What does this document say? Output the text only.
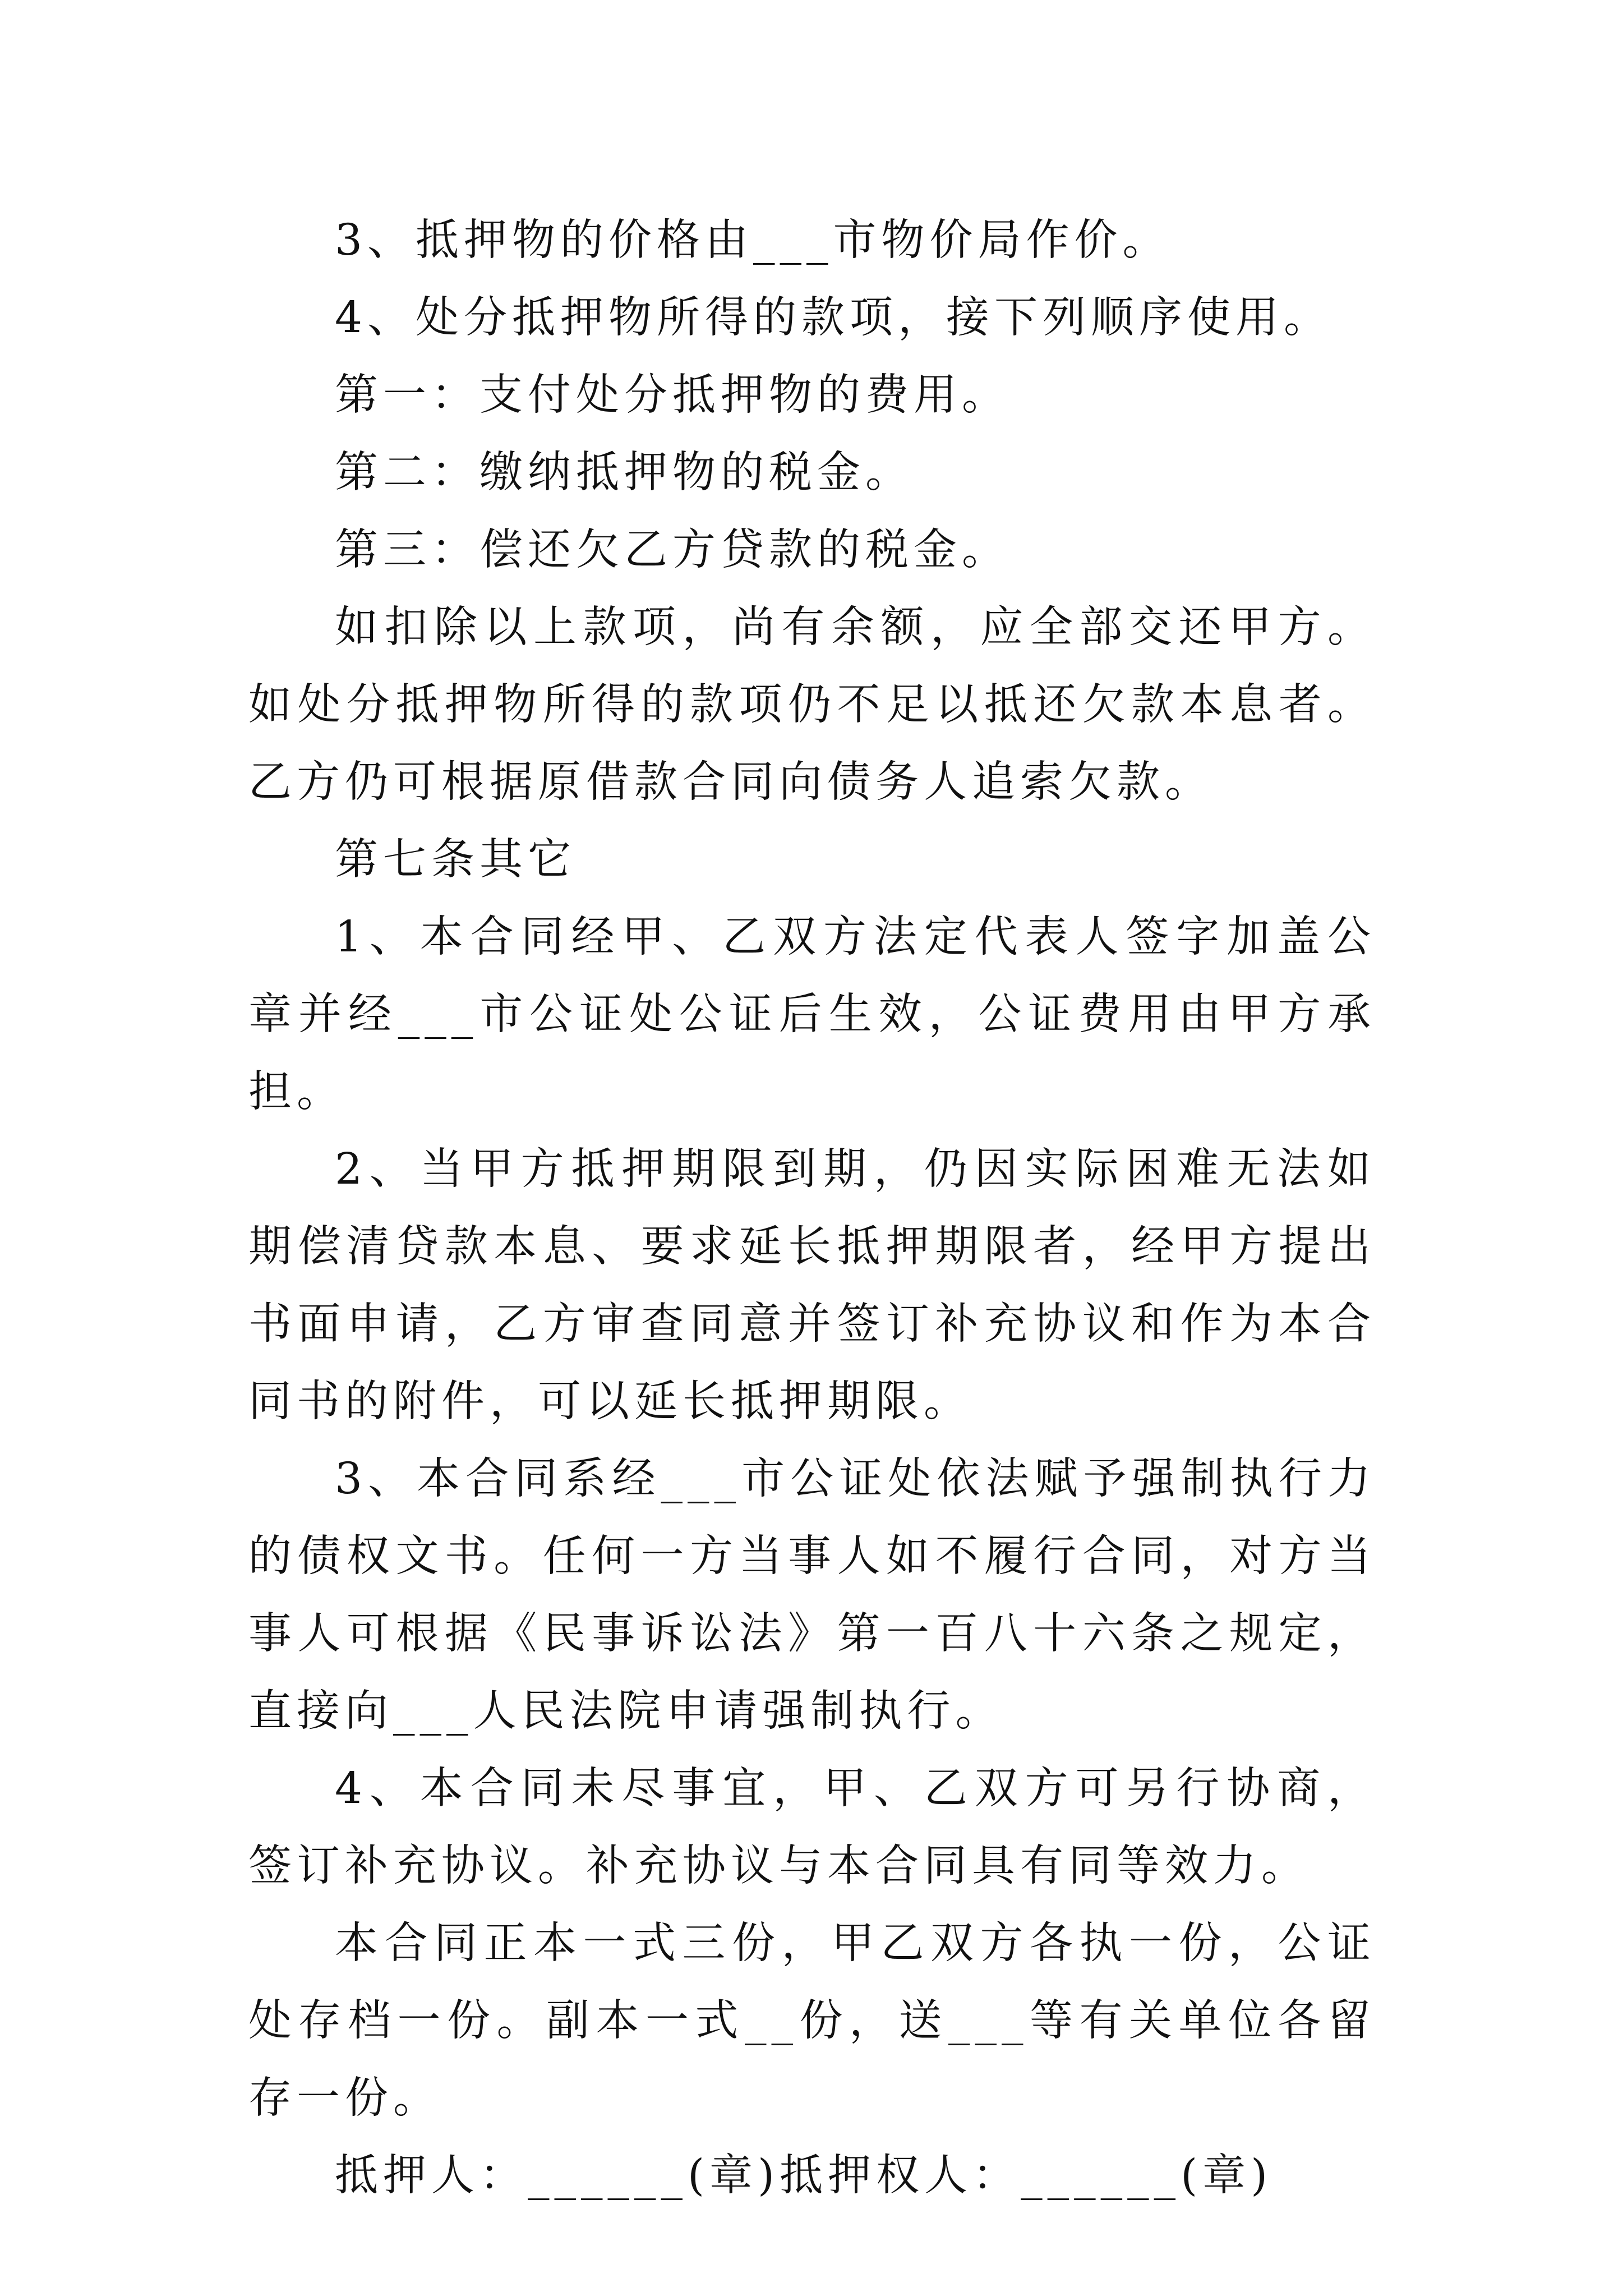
3、抵押物的价格由___市物价局作价。

4、处分抵押物所得的款项，接下列顺序使用。

第一：支付处分抵押物的费用。

第二：缴纳抵押物的税金。

第三：偿还欠乙方贷款的税金。

如扣除以上款项，尚有余额，应全部交还甲方。如处分抵押物所得的款项仍不足以抵还欠款本息者。乙方仍可根据原借款合同向债务人追索欠款。

第七条其它

1、本合同经甲、乙双方法定代表人签字加盖公章并经___市公证处公证后生效，公证费用由甲方承担。

2、当甲方抵押期限到期，仍因实际困难无法如期偿清贷款本息、要求延长抵押期限者，经甲方提出书面申请，乙方审查同意并签订补充协议和作为本合同书的附件，可以延长抵押期限。

3、本合同系经___市公证处依法赋予强制执行力的债权文书。任何一方当事人如不履行合同，对方当事人可根据《民事诉讼法》第一百八十六条之规定，直接向___人民法院申请强制执行。

4、本合同未尽事宜，甲、乙双方可另行协商，签订补充协议。补充协议与本合同具有同等效力。

本合同正本一式三份，甲乙双方各执一份，公证处存档一份。副本一式__份，送___等有关单位各留存一份。

抵押人：______(章)抵押权人：______(章)
